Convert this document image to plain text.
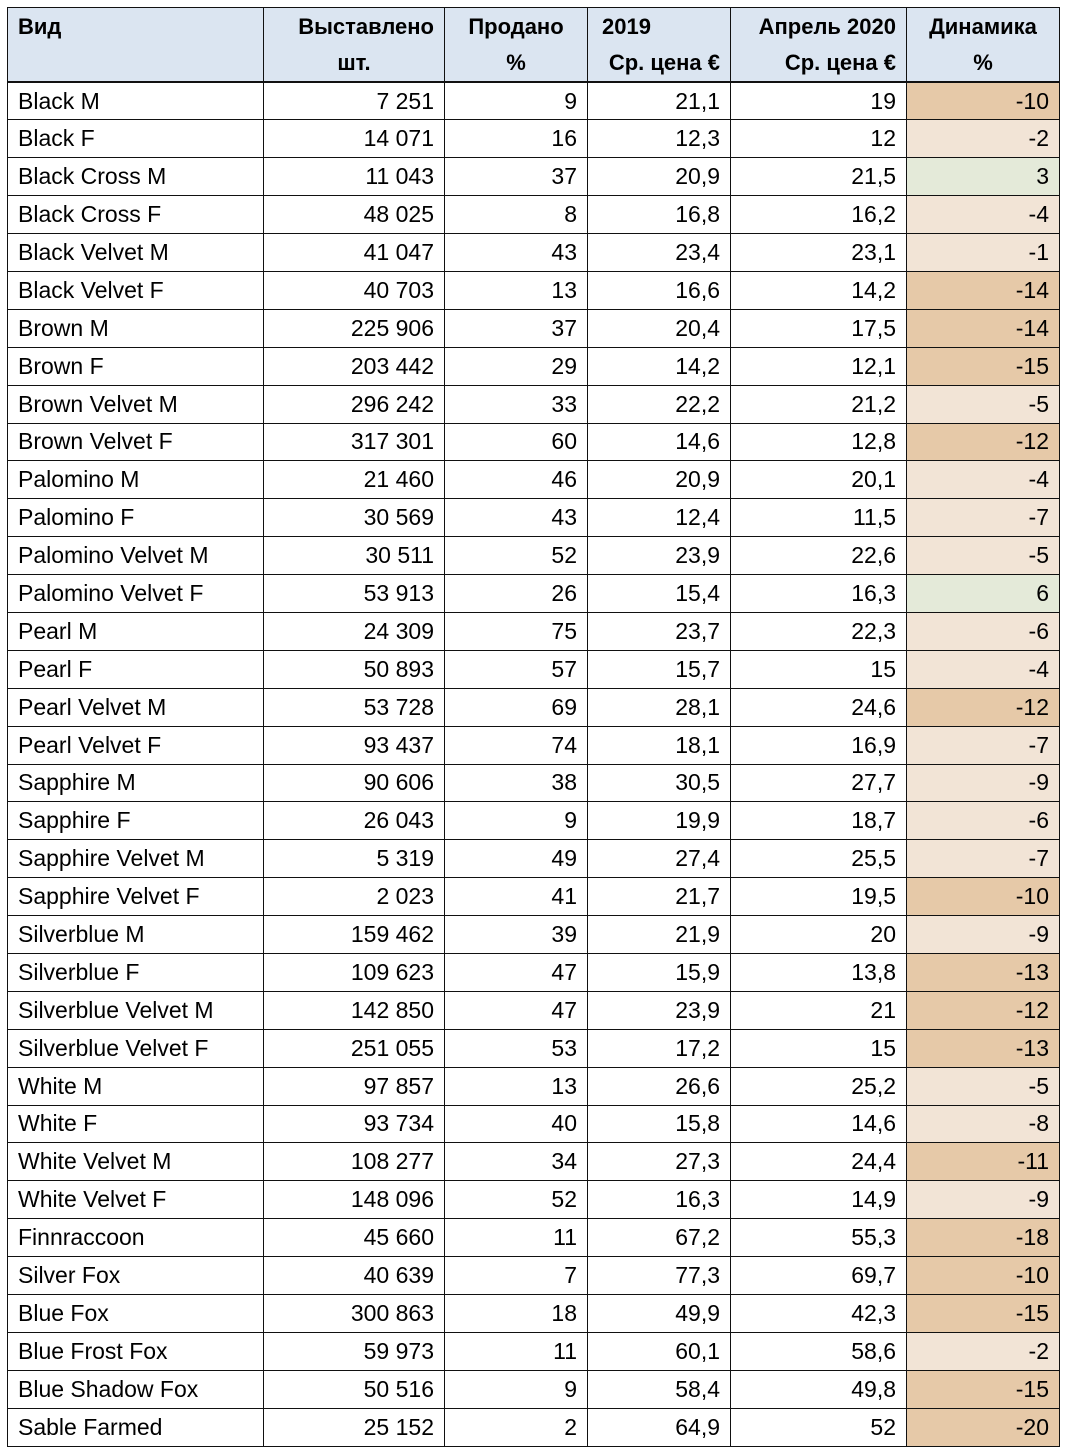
Вид	Выставлено	Продано	2019	Апрель 2020	Динамика
	шт.	%	Ср. цена €	Ср. цена €	%
Black M	7 251	9	21,1	19	-10
Black F	14 071	16	12,3	12	-2
Black Cross M	11 043	37	20,9	21,5	3
Black Cross F	48 025	8	16,8	16,2	-4
Black Velvet M	41 047	43	23,4	23,1	-1
Black Velvet F	40 703	13	16,6	14,2	-14
Brown M	225 906	37	20,4	17,5	-14
Brown F	203 442	29	14,2	12,1	-15
Brown Velvet M	296 242	33	22,2	21,2	-5
Brown Velvet F	317 301	60	14,6	12,8	-12
Palomino M	21 460	46	20,9	20,1	-4
Palomino F	30 569	43	12,4	11,5	-7
Palomino Velvet M	30 511	52	23,9	22,6	-5
Palomino Velvet F	53 913	26	15,4	16,3	6
Pearl M	24 309	75	23,7	22,3	-6
Pearl F	50 893	57	15,7	15	-4
Pearl Velvet M	53 728	69	28,1	24,6	-12
Pearl Velvet F	93 437	74	18,1	16,9	-7
Sapphire M	90 606	38	30,5	27,7	-9
Sapphire F	26 043	9	19,9	18,7	-6
Sapphire Velvet M	5 319	49	27,4	25,5	-7
Sapphire Velvet F	2 023	41	21,7	19,5	-10
Silverblue M	159 462	39	21,9	20	-9
Silverblue F	109 623	47	15,9	13,8	-13
Silverblue Velvet M	142 850	47	23,9	21	-12
Silverblue Velvet F	251 055	53	17,2	15	-13
White M	97 857	13	26,6	25,2	-5
White F	93 734	40	15,8	14,6	-8
White Velvet M	108 277	34	27,3	24,4	-11
White Velvet F	148 096	52	16,3	14,9	-9
Finnraccoon	45 660	11	67,2	55,3	-18
Silver Fox	40 639	7	77,3	69,7	-10
Blue Fox	300 863	18	49,9	42,3	-15
Blue Frost Fox	59 973	11	60,1	58,6	-2
Blue Shadow Fox	50 516	9	58,4	49,8	-15
Sable Farmed	25 152	2	64,9	52	-20
